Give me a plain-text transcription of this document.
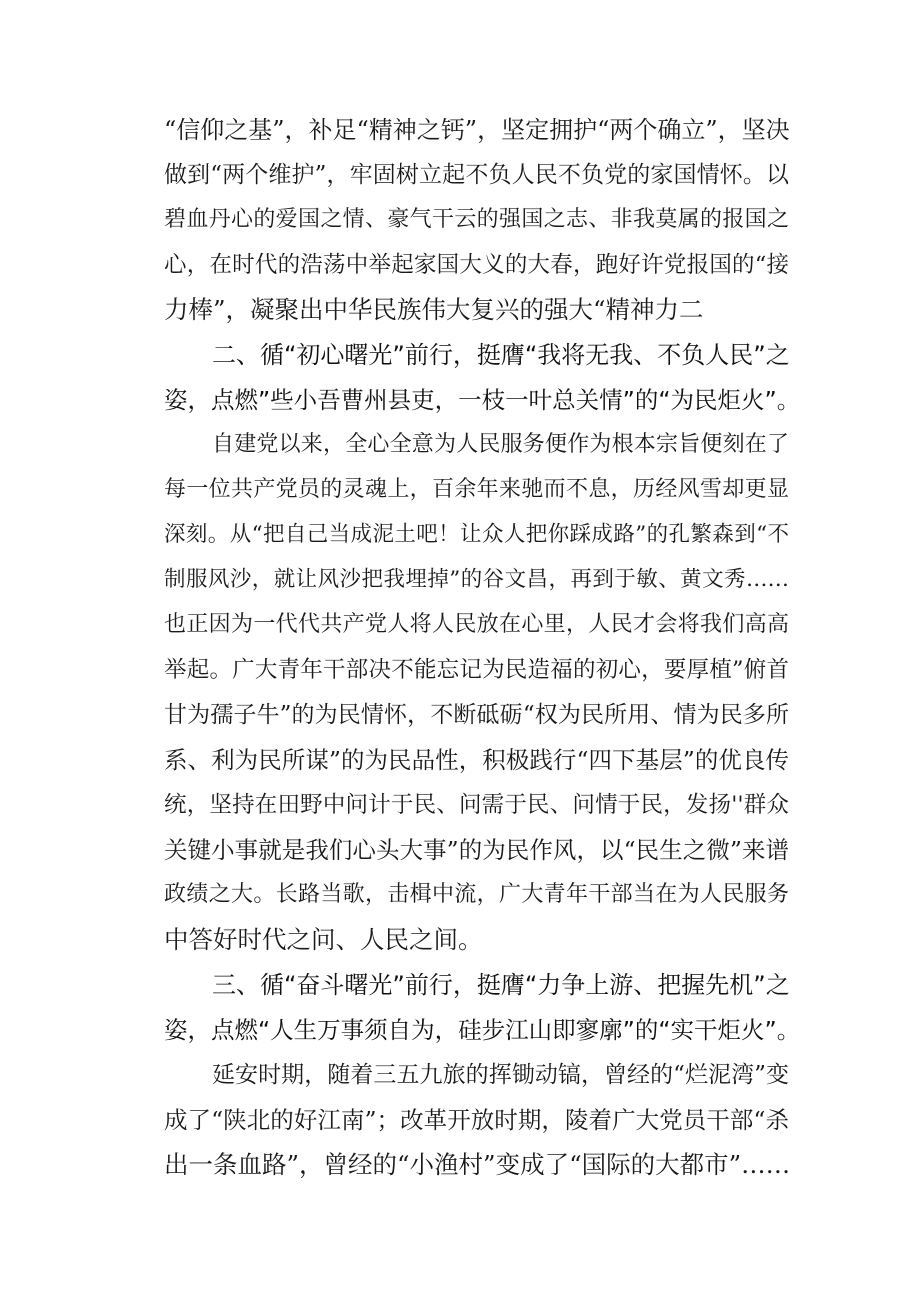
“信仰之基”，补足“精神之钙”，坚定拥护“两个确立”，坚决
做到“两个维护”，牢固树立起不负人民不负党的家国情怀。以
碧血丹心的爱国之情、豪气干云的强国之志、非我莫属的报国之
心，在时代的浩荡中举起家国大义的大春，跑好许党报国的“接
力棒”，凝聚出中华民族伟大复兴的强大“精神力二
二、循“初心曙光”前行，挺膺“我将无我、不负人民”之
姿，点燃”些小吾曹州县吏，一枝一叶总关情”的“为民炬火”。
自建党以来，全心全意为人民服务便作为根本宗旨便刻在了
每一位共产党员的灵魂上，百余年来驰而不息，历经风雪却更显
深刻。从“把自己当成泥土吧！让众人把你踩成路”的孔繁森到“不
制服风沙，就让风沙把我埋掉”的谷文昌，再到于敏、黄文秀……
也正因为一代代共产党人将人民放在心里，人民才会将我们高高
举起。广大青年干部决不能忘记为民造福的初心，要厚植”俯首
甘为孺子牛”的为民情怀，不断砥砺“权为民所用、情为民多所
系、利为民所谋”的为民品性，积极践行“四下基层”的优良传
统，坚持在田野中问计于民、问需于民、问情于民，发扬''群众
关键小事就是我们心头大事”的为民作风，以“民生之微”来谱
政绩之大。长路当歌，击楫中流，广大青年干部当在为人民服务
中答好时代之问、人民之间。
三、循“奋斗曙光”前行，挺膺“力争上游、把握先机”之
姿，点燃“人生万事须自为，硅步江山即寥廓”的“实干炬火”。
延安时期，随着三五九旅的挥锄动镐，曾经的“烂泥湾”变
成了“陕北的好江南”；改革开放时期，陵着广大党员干部“杀
出一条血路”，曾经的“小渔村”变成了“国际的大都市”……
